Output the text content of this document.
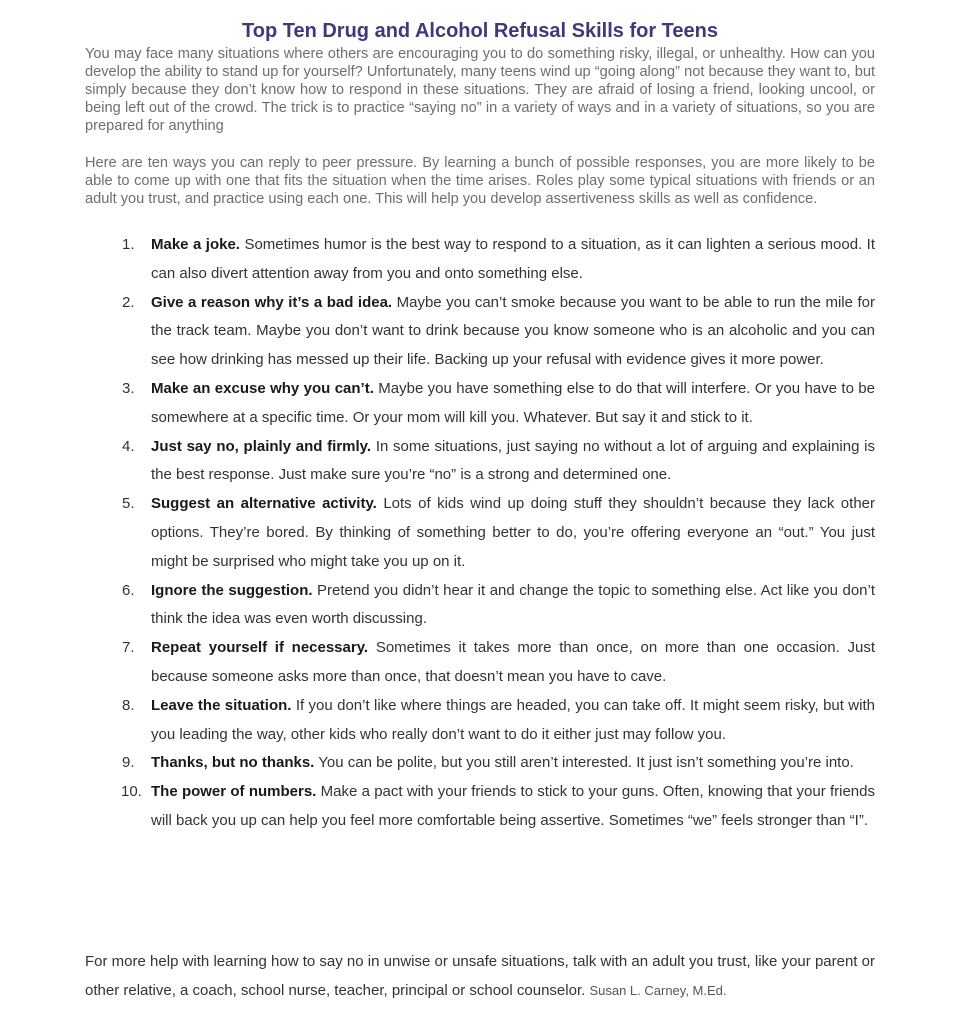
Top Ten Drug and Alcohol Refusal Skills for Teens

You may face many situations where others are encouraging you to do something risky, illegal, or unhealthy. How can you develop the ability to stand up for yourself? Unfortunately, many teens wind up “going along” not because they want to, but simply because they don’t know how to respond in these situations. They are afraid of losing a friend, looking uncool, or being left out of the crowd. The trick is to practice “saying no” in a variety of ways and in a variety of situations, so you are prepared for anything

Here are ten ways you can reply to peer pressure. By learning a bunch of possible responses, you are more likely to be able to come up with one that fits the situation when the time arises. Roles play some typical situations with friends or an adult you trust, and practice using each one. This will help you develop assertiveness skills as well as confidence.

1. Make a joke. Sometimes humor is the best way to respond to a situation, as it can lighten a serious mood. It can also divert attention away from you and onto something else.
2. Give a reason why it’s a bad idea. Maybe you can’t smoke because you want to be able to run the mile for the track team. Maybe you don’t want to drink because you know someone who is an alcoholic and you can see how drinking has messed up their life. Backing up your refusal with evidence gives it more power.
3. Make an excuse why you can’t. Maybe you have something else to do that will interfere. Or you have to be somewhere at a specific time. Or your mom will kill you. Whatever. But say it and stick to it.
4. Just say no, plainly and firmly. In some situations, just saying no without a lot of arguing and explaining is the best response. Just make sure you’re “no” is a strong and determined one.
5. Suggest an alternative activity. Lots of kids wind up doing stuff they shouldn’t because they lack other options. They’re bored. By thinking of something better to do, you’re offering everyone an “out.” You just might be surprised who might take you up on it.
6. Ignore the suggestion. Pretend you didn’t hear it and change the topic to something else. Act like you don’t think the idea was even worth discussing.
7. Repeat yourself if necessary. Sometimes it takes more than once, on more than one occasion. Just because someone asks more than once, that doesn’t mean you have to cave.
8. Leave the situation. If you don’t like where things are headed, you can take off. It might seem risky, but with you leading the way, other kids who really don’t want to do it either just may follow you.
9. Thanks, but no thanks. You can be polite, but you still aren’t interested. It just isn’t something you’re into.
10. The power of numbers. Make a pact with your friends to stick to your guns. Often, knowing that your friends will back you up can help you feel more comfortable being assertive. Sometimes “we” feels stronger than “I”.

For more help with learning how to say no in unwise or unsafe situations, talk with an adult you trust, like your parent or other relative, a coach, school nurse, teacher, principal or school counselor. Susan L. Carney, M.Ed.
